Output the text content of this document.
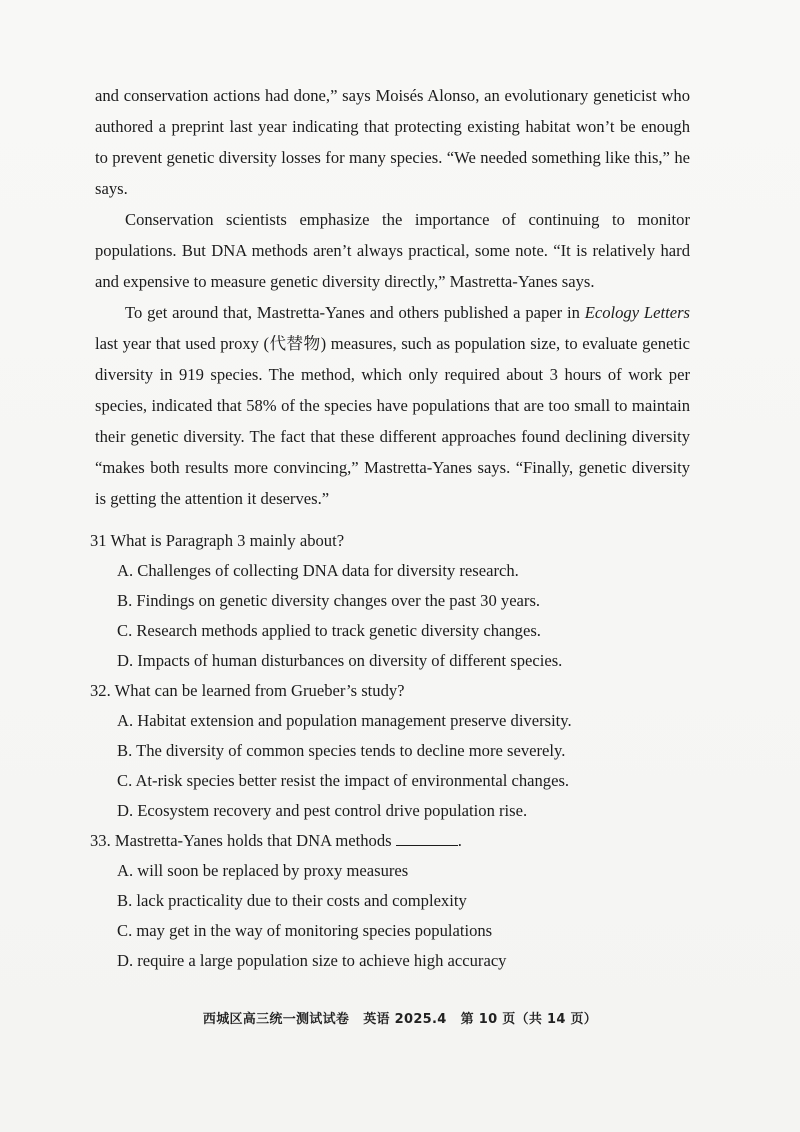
and conservation actions had done,” says Moisés Alonso, an evolutionary geneticist who authored a preprint last year indicating that protecting existing habitat won’t be enough to prevent genetic diversity losses for many species. “We needed something like this,” he says.

Conservation scientists emphasize the importance of continuing to monitor populations. But DNA methods aren’t always practical, some note. “It is relatively hard and expensive to measure genetic diversity directly,” Mastretta-Yanes says.

To get around that, Mastretta-Yanes and others published a paper in Ecology Letters last year that used proxy (代替物) measures, such as population size, to evaluate genetic diversity in 919 species. The method, which only required about 3 hours of work per species, indicated that 58% of the species have populations that are too small to maintain their genetic diversity. The fact that these different approaches found declining diversity “makes both results more convincing,” Mastretta-Yanes says. “Finally, genetic diversity is getting the attention it deserves.”

31 What is Paragraph 3 mainly about?
A. Challenges of collecting DNA data for diversity research.
B. Findings on genetic diversity changes over the past 30 years.
C. Research methods applied to track genetic diversity changes.
D. Impacts of human disturbances on diversity of different species.
32. What can be learned from Grueber’s study?
A. Habitat extension and population management preserve diversity.
B. The diversity of common species tends to decline more severely.
C. At-risk species better resist the impact of environmental changes.
D. Ecosystem recovery and pest control drive population rise.
33. Mastretta-Yanes holds that DNA methods	.
A. will soon be replaced by proxy measures
B. lack practicality due to their costs and complexity
C. may get in the way of monitoring species populations
D. require a large population size to achieve high accuracy
西城区高三统一测试试卷 英语 2025.4 第 10 页（共 14 页）
